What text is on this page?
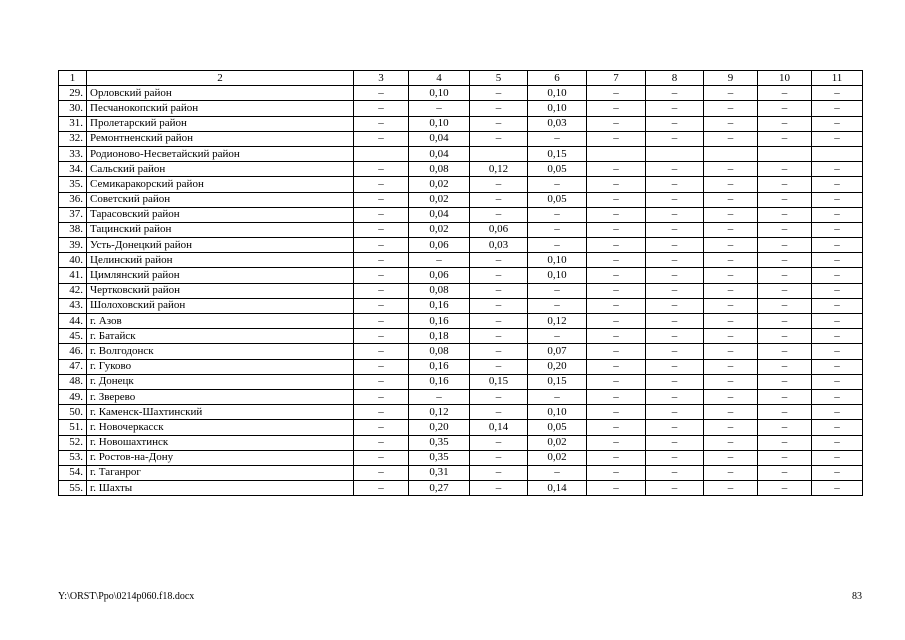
1	2	3	4	5	6	7	8	9	10	11
29.	Орловский район	–	0,10	–	0,10	–	–	–	–	–
30.	Песчанокопский район	–	–	–	0,10	–	–	–	–	–
31.	Пролетарский район	–	0,10	–	0,03	–	–	–	–	–
32.	Ремонтненский район	–	0,04	–	–	–	–	–	–	–
33.	Родионово-Несветайский район		0,04		0,15					
34.	Сальский район	–	0,08	0,12	0,05	–	–	–	–	–
35.	Семикаракорский район	–	0,02	–	–	–	–	–	–	–
36.	Советский район	–	0,02	–	0,05	–	–	–	–	–
37.	Тарасовский район	–	0,04	–	–	–	–	–	–	–
38.	Тацинский район	–	0,02	0,06	–	–	–	–	–	–
39.	Усть-Донецкий район	–	0,06	0,03	–	–	–	–	–	–
40.	Целинский район	–	–	–	0,10	–	–	–	–	–
41.	Цимлянский район	–	0,06	–	0,10	–	–	–	–	–
42.	Чертковский район	–	0,08	–	–	–	–	–	–	–
43.	Шолоховский район	–	0,16	–	–	–	–	–	–	–
44.	г. Азов	–	0,16	–	0,12	–	–	–	–	–
45.	г. Батайск	–	0,18	–	–	–	–	–	–	–
46.	г. Волгодонск	–	0,08	–	0,07	–	–	–	–	–
47.	г. Гуково	–	0,16	–	0,20	–	–	–	–	–
48.	г. Донецк	–	0,16	0,15	0,15	–	–	–	–	–
49.	г. Зверево	–	–	–	–	–	–	–	–	–
50.	г. Каменск-Шахтинский	–	0,12	–	0,10	–	–	–	–	–
51.	г. Новочеркасск	–	0,20	0,14	0,05	–	–	–	–	–
52.	г. Новошахтинск	–	0,35	–	0,02	–	–	–	–	–
53.	г. Ростов-на-Дону	–	0,35	–	0,02	–	–	–	–	–
54.	г. Таганрог	–	0,31	–	–	–	–	–	–	–
55.	г. Шахты	–	0,27	–	0,14	–	–	–	–	–
Y:\ORST\Ppo\0214p060.f18.docx	83
